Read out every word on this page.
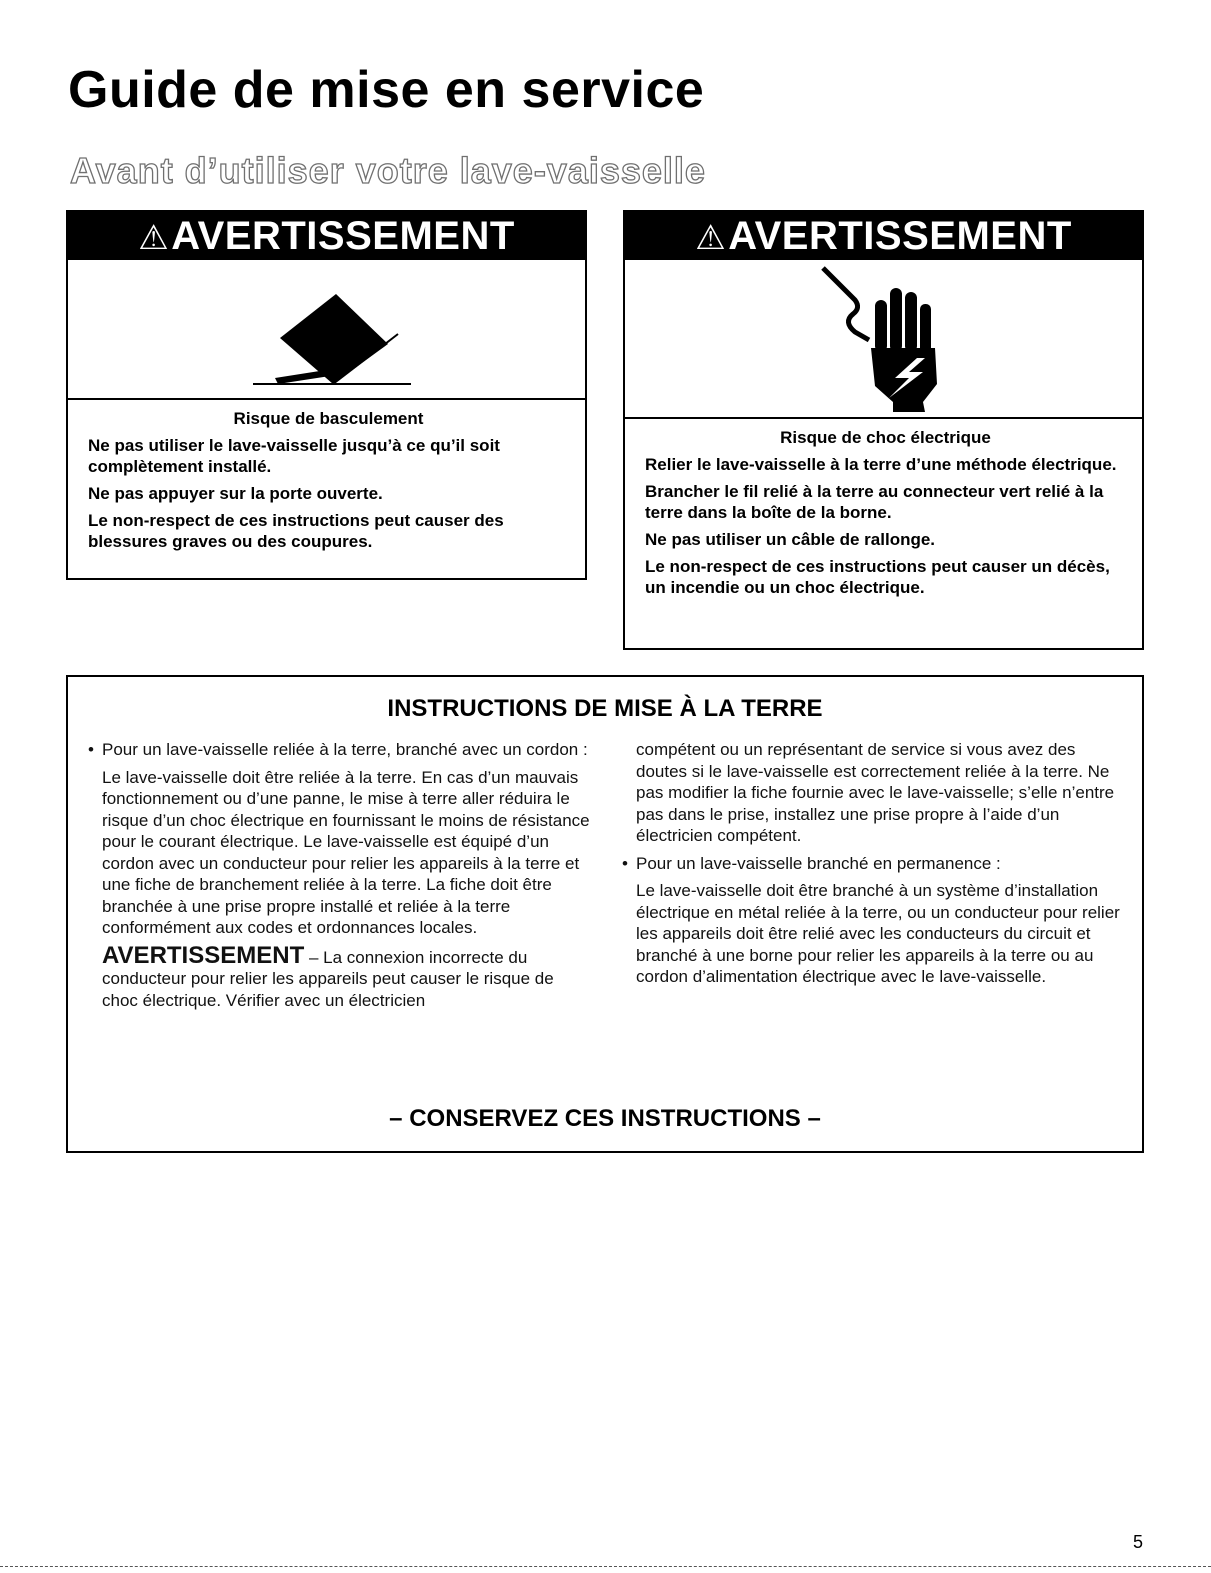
Guide de mise en service
Avant d’utiliser votre lave-vaisselle
⚠AVERTISSEMENT
Risque de basculement

Ne pas utiliser le lave-vaisselle jusqu’à ce qu’il soit complètement installé.

Ne pas appuyer sur la porte ouverte.

Le non-respect de ces instructions peut causer des blessures graves ou des coupures.

⚠AVERTISSEMENT
Risque de choc électrique

Relier le lave-vaisselle à la terre d’une méthode électrique.

Brancher le fil relié à la terre au connecteur vert relié à la terre dans la boîte de la borne.

Ne pas utiliser un câble de rallonge.

Le non-respect de ces instructions peut causer un décès, un incendie ou un choc électrique.

INSTRUCTIONS DE MISE À LA TERRE

• Pour un lave-vaisselle reliée à la terre, branché avec un cordon :

Le lave-vaisselle doit être reliée à la terre. En cas d’un mauvais fonctionnement ou d’une panne, le mise à terre aller réduira le risque d’un choc électrique en fournissant le moins de résistance pour le courant électrique. Le lave-vaisselle est équipé d’un cordon avec un conducteur pour relier les appareils à la terre et une fiche de branchement reliée à la terre. La fiche doit être branchée à une prise propre installé et reliée à la terre conformément aux codes et ordonnances locales.

AVERTISSEMENT – La connexion incorrecte du conducteur pour relier les appareils peut causer le risque de choc électrique. Vérifier avec un électricien

compétent ou un représentant de service si vous avez des doutes si le lave-vaisselle est correctement reliée à la terre. Ne pas modifier la fiche fournie avec le lave-vaisselle; s’elle n’entre pas dans le prise, installez une prise propre à l’aide d’un électricien compétent.

• Pour un lave-vaisselle branché en permanence :

Le lave-vaisselle doit être branché à un système d’installation électrique en métal reliée à la terre, ou un conducteur pour relier les appareils doit être relié avec les conducteurs du circuit et branché à une borne pour relier les appareils à la terre ou au cordon d’alimentation électrique avec le lave-vaisselle.

– CONSERVEZ CES INSTRUCTIONS –
5
